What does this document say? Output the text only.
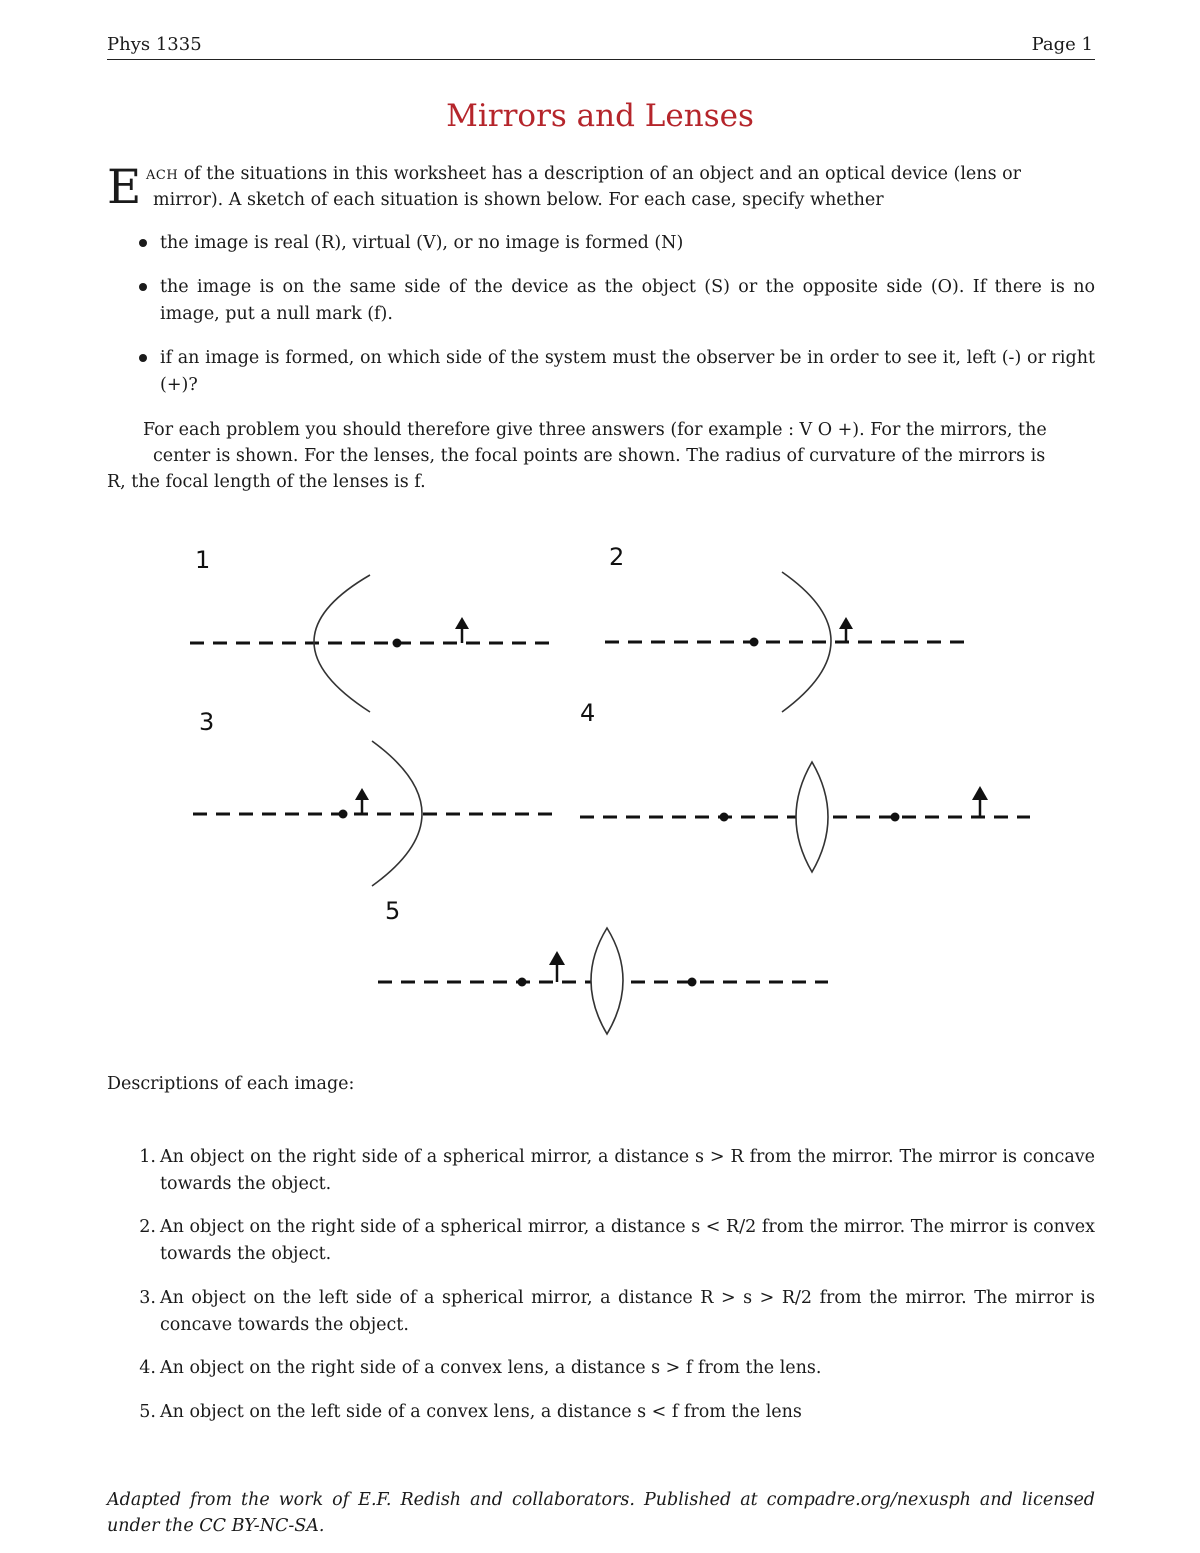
Phys 1335	Page 1
Mirrors and Lenses
E ACH of the situations in this worksheet has a description of an object and an optical device (lens or
mirror). A sketch of each situation is shown below. For each case, specify whether
the image is real (R), virtual (V), or no image is formed (N)
the image is on the same side of the device as the object (S) or the opposite side (O). If there is no image, put a null mark (f).
if an image is formed, on which side of the system must the observer be in order to see it, left (-) or right (+)?
For each problem you should therefore give three answers (for example : V O +). For the mirrors, the
center is shown. For the lenses, the focal points are shown. The radius of curvature of the mirrors is
R, the focal length of the lenses is f.
1	2
3	4
5
Descriptions of each image:
1. An object on the right side of a spherical mirror, a distance s > R from the mirror. The mirror is concave towards the object.
2. An object on the right side of a spherical mirror, a distance s < R/2 from the mirror. The mirror is convex towards the object.
3. An object on the left side of a spherical mirror, a distance R > s > R/2 from the mirror. The mirror is concave towards the object.
4. An object on the right side of a convex lens, a distance s > f from the lens.
5. An object on the left side of a convex lens, a distance s < f from the lens
Adapted from the work of E.F. Redish and collaborators. Published at compadre.org/nexusph and licensed under the CC BY-NC-SA.
